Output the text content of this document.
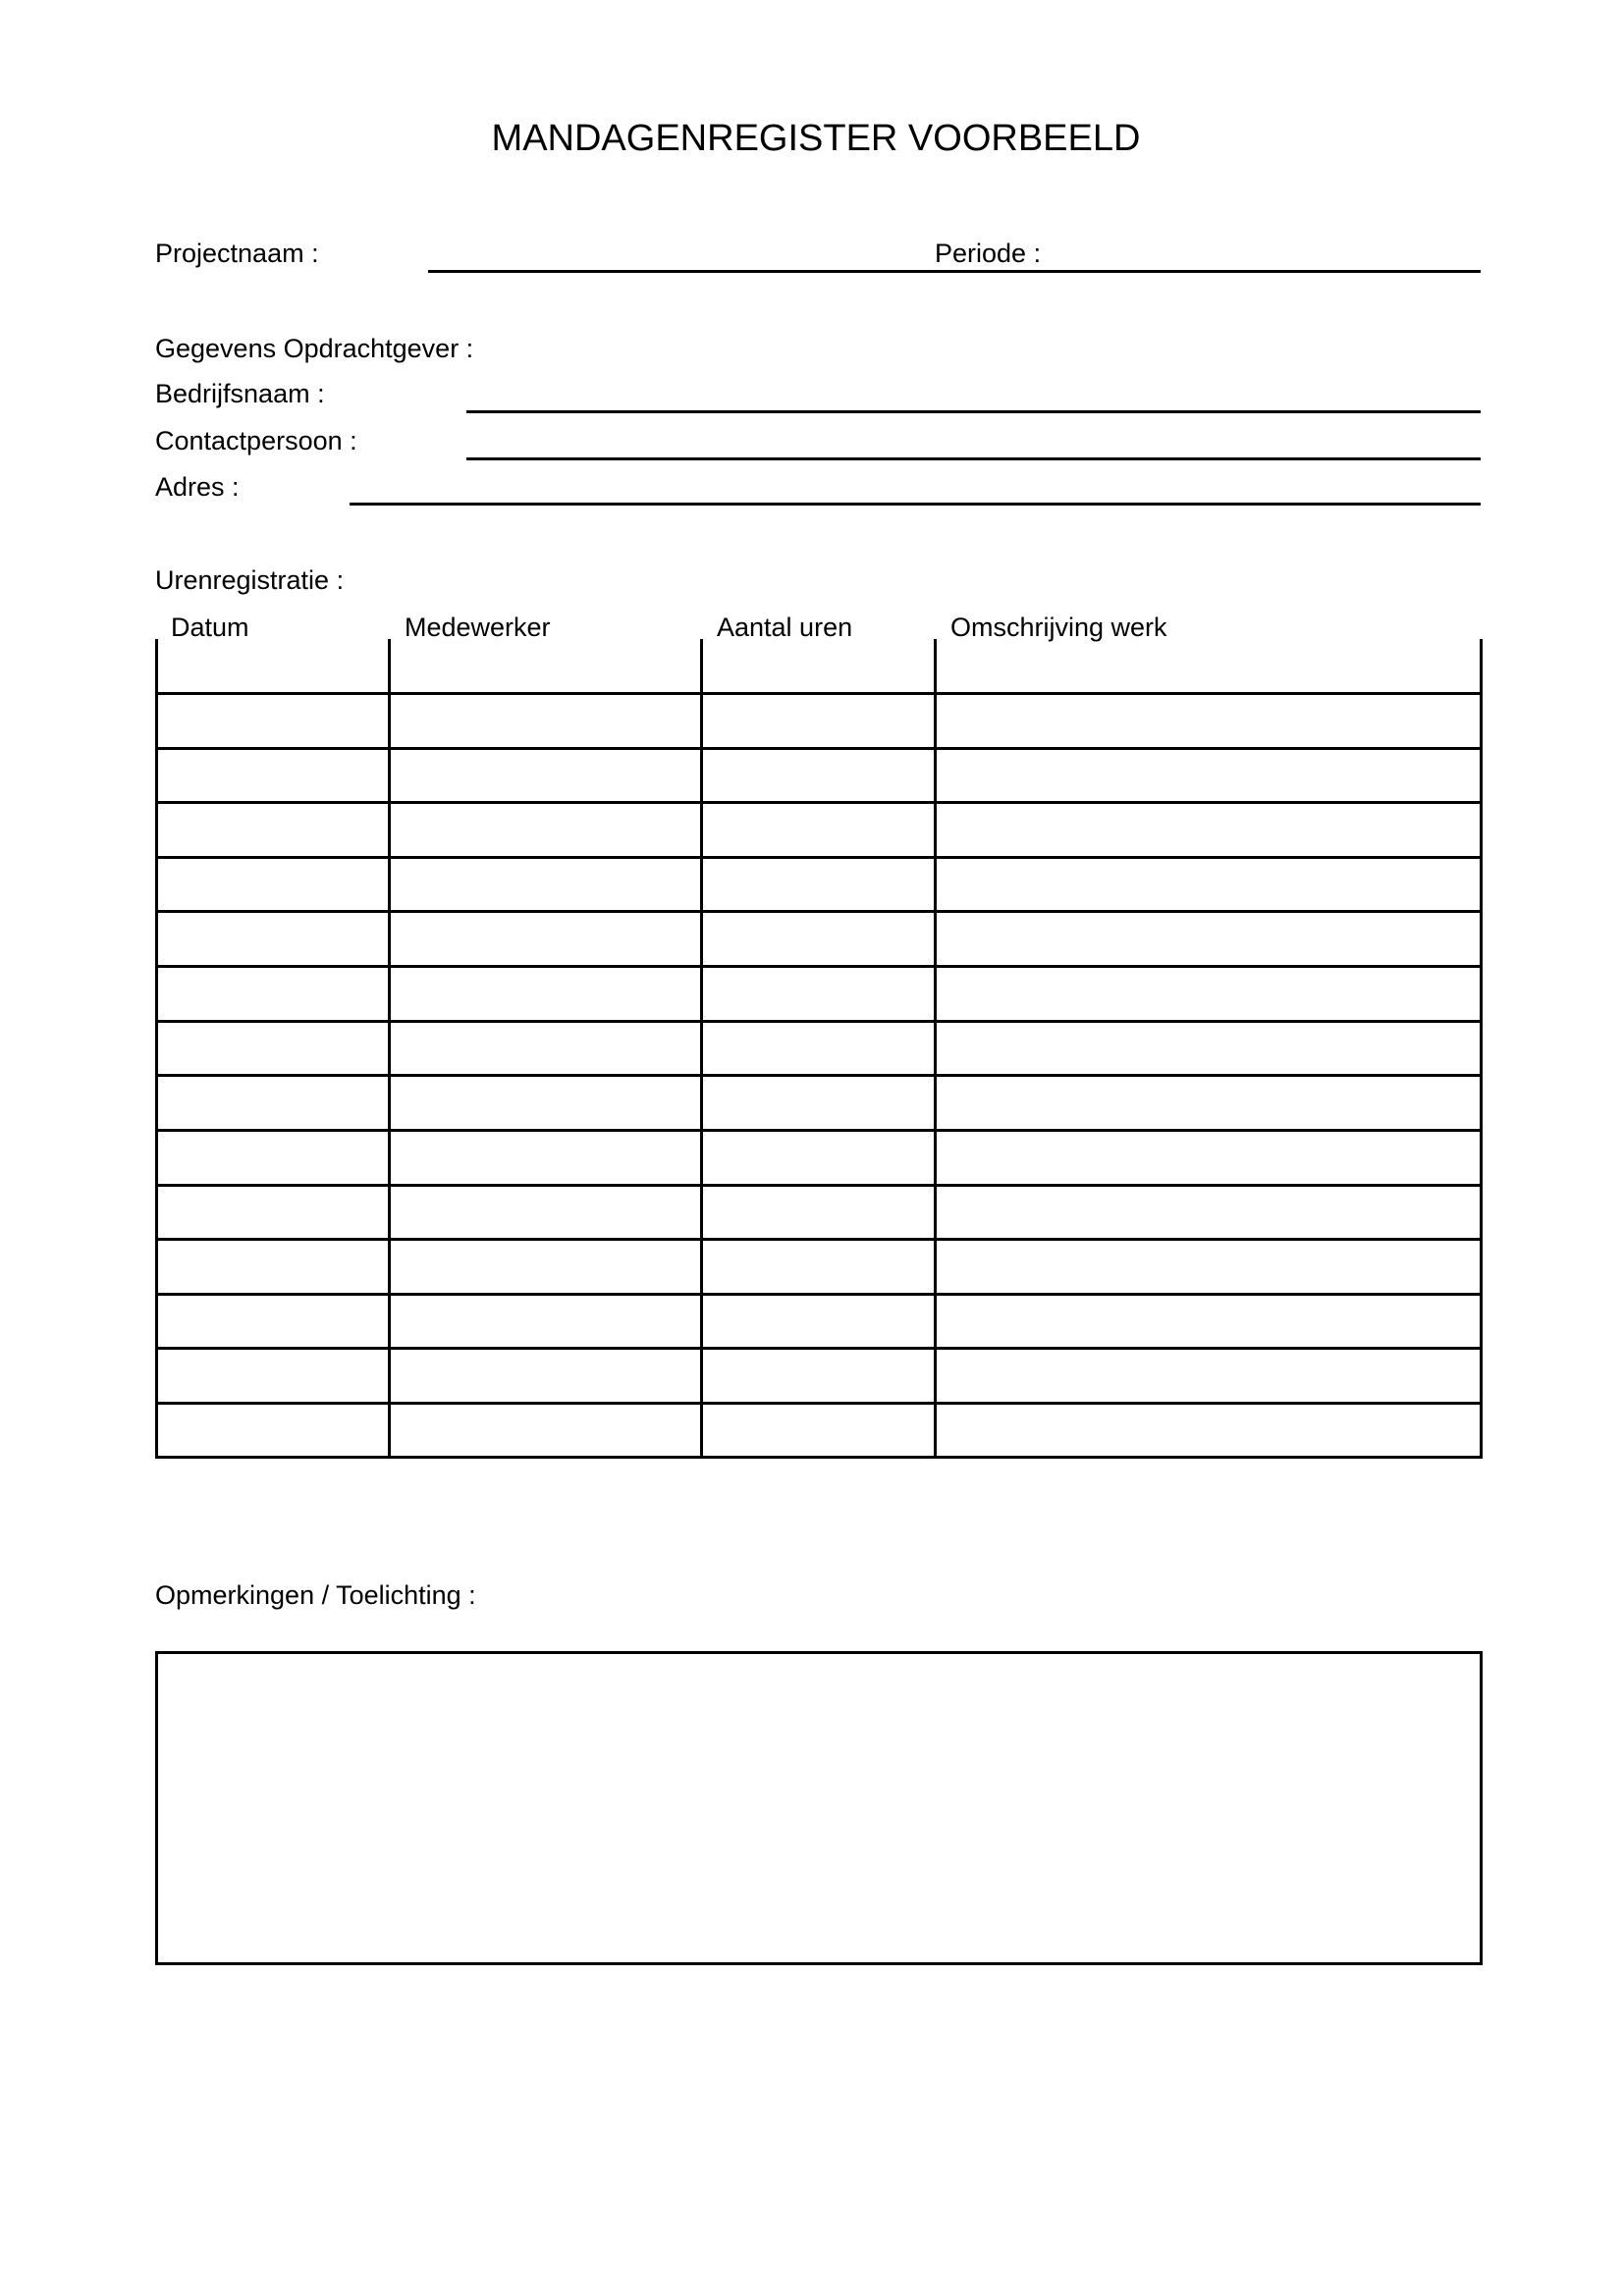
MANDAGENREGISTER VOORBEELD
Projectnaam :	Periode :
Gegevens Opdrachtgever :
Bedrijfsnaam :
Contactpersoon :
Adres :
Urenregistratie :
Datum	Medewerker	Aantal uren	Omschrijving werk
Opmerkingen / Toelichting :
